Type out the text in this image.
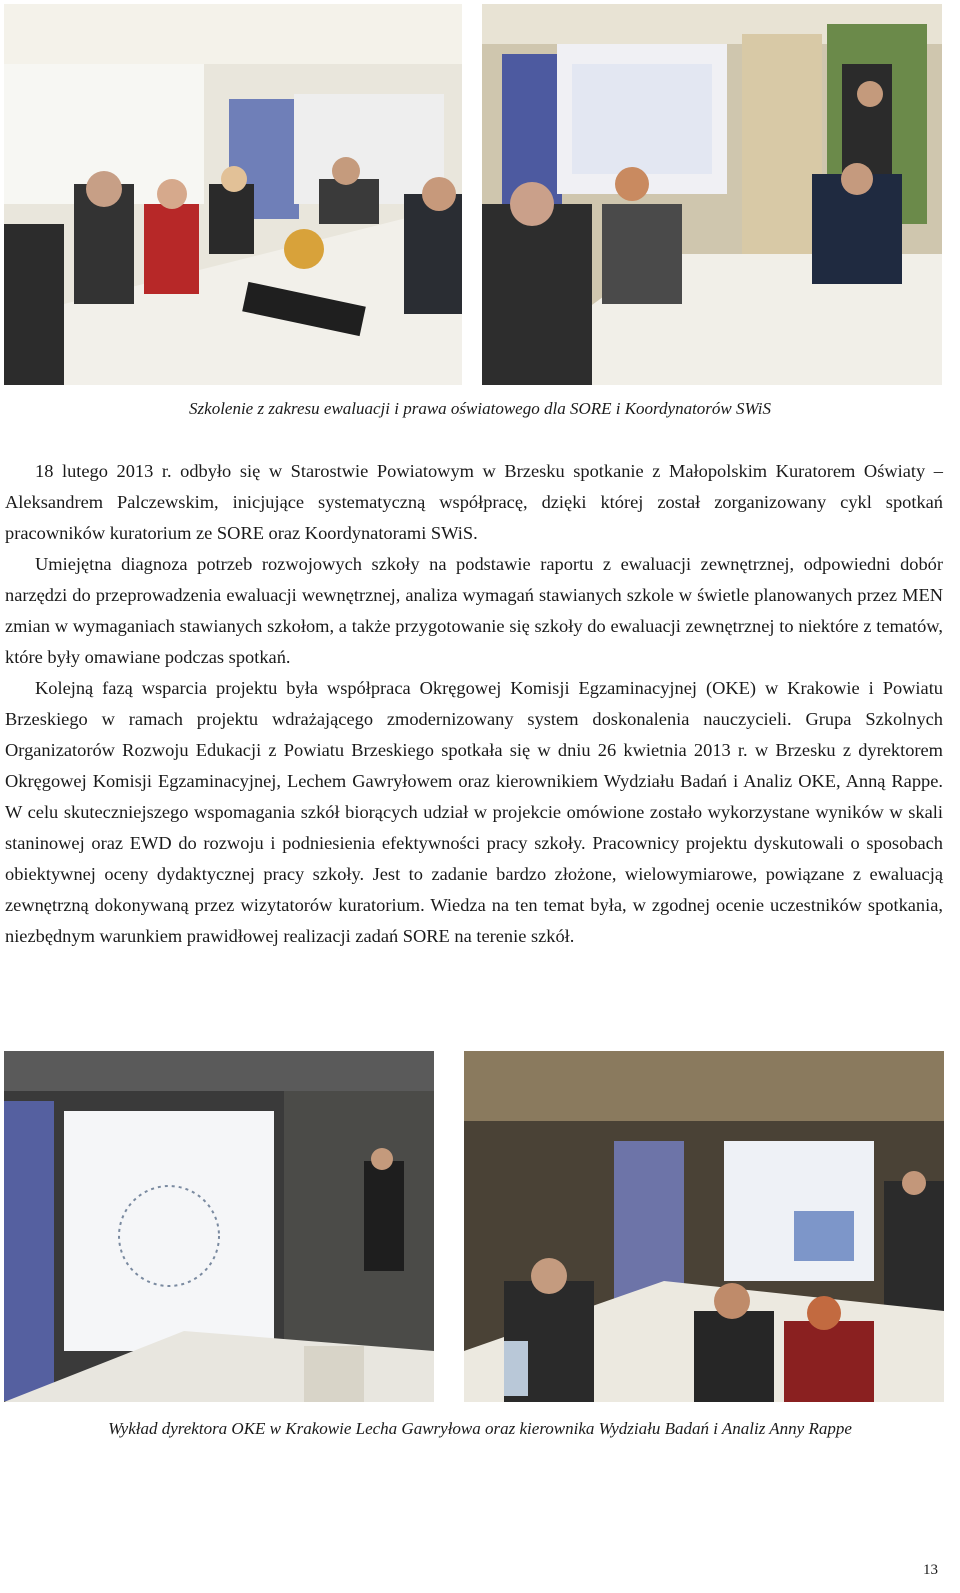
Szkolenie z zakresu ewaluacji i prawa oświatowego dla SORE i Koordynatorów SWiS

18 lutego 2013 r. odbyło się w Starostwie Powiatowym w Brzesku spotkanie z Małopolskim Kuratorem Oświaty – Aleksandrem Palczewskim, inicjujące systematyczną współpracę, dzięki której został zorganizowany cykl spotkań pracowników kuratorium ze SORE oraz Koordynatorami SWiS.

Umiejętna diagnoza potrzeb rozwojowych szkoły na podstawie raportu z ewaluacji zewnętrznej, odpowiedni dobór narzędzi do przeprowadzenia ewaluacji wewnętrznej, analiza wymagań stawianych szkole w świetle planowanych przez MEN zmian w wymaganiach stawianych szkołom, a także przygotowanie się szkoły do ewaluacji zewnętrznej to niektóre z tematów, które były omawiane podczas spotkań.

Kolejną fazą wsparcia projektu była współpraca Okręgowej Komisji Egzaminacyjnej (OKE) w Krakowie i Powiatu Brzeskiego w ramach projektu wdrażającego zmodernizowany system doskonalenia nauczycieli. Grupa Szkolnych Organizatorów Rozwoju Edukacji z Powiatu Brzeskiego spotkała się w dniu 26 kwietnia 2013 r. w Brzesku z dyrektorem Okręgowej Komisji Egzaminacyjnej, Lechem Gawryłowem oraz kierownikiem Wydziału Badań i Analiz OKE, Anną Rappe. W celu skuteczniejszego wspomagania szkół biorących udział w projekcie omówione zostało wykorzystane wyników w skali staninowej oraz EWD do rozwoju i podniesienia efektywności pracy szkoły. Pracownicy projektu dyskutowali o sposobach obiektywnej oceny dydaktycznej pracy szkoły. Jest to zadanie bardzo złożone, wielowymiarowe, powiązane z ewaluacją zewnętrzną dokonywaną przez wizytatorów kuratorium. Wiedza na ten temat była, w zgodnej ocenie uczestników spotkania, niezbędnym warunkiem prawidłowej realizacji zadań SORE na terenie szkół.

Wykład dyrektora OKE w Krakowie Lecha Gawryłowa oraz kierownika Wydziału Badań i Analiz Anny Rappe
13
